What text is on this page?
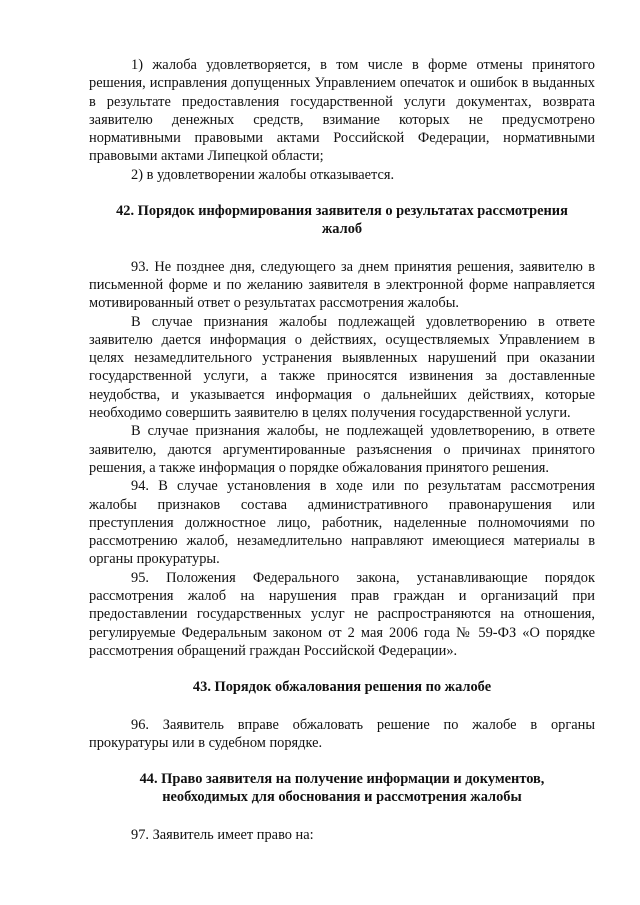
1) жалоба удовлетворяется, в том числе в форме отмены принятого решения, исправления допущенных Управлением опечаток и ошибок в выданных в результате предоставления государственной услуги документах, возврата заявителю денежных средств, взимание которых не предусмотрено нормативными правовыми актами Российской Федерации, нормативными правовыми актами Липецкой области;

2) в удовлетворении жалобы отказывается.

42. Порядок информирования заявителя о результатах рассмотрения жалоб

93. Не позднее дня, следующего за днем принятия решения, заявителю в письменной форме и по желанию заявителя в электронной форме направляется мотивированный ответ о результатах рассмотрения жалобы.

В случае признания жалобы подлежащей удовлетворению в ответе заявителю дается информация о действиях, осуществляемых Управлением в целях незамедлительного устранения выявленных нарушений при оказании государственной услуги, а также приносятся извинения за доставленные неудобства, и указывается информация о дальнейших действиях, которые необходимо совершить заявителю в целях получения государственной услуги.

В случае признания жалобы, не подлежащей удовлетворению, в ответе заявителю, даются аргументированные разъяснения о причинах принятого решения, а также информация о порядке обжалования принятого решения.

94. В случае установления в ходе или по результатам рассмотрения жалобы признаков состава административного правонарушения или преступления должностное лицо, работник, наделенные полномочиями по рассмотрению жалоб, незамедлительно направляют имеющиеся материалы в органы прокуратуры.

95. Положения Федерального закона, устанавливающие порядок рассмотрения жалоб на нарушения прав граждан и организаций при предоставлении государственных услуг не распространяются на отношения, регулируемые Федеральным законом от 2 мая 2006 года № 59-ФЗ «О порядке рассмотрения обращений граждан Российской Федерации».

43. Порядок обжалования решения по жалобе

96. Заявитель вправе обжаловать решение по жалобе в органы прокуратуры или в судебном порядке.

44. Право заявителя на получение информации и документов, необходимых для обоснования и рассмотрения жалобы

97. Заявитель имеет право на:
